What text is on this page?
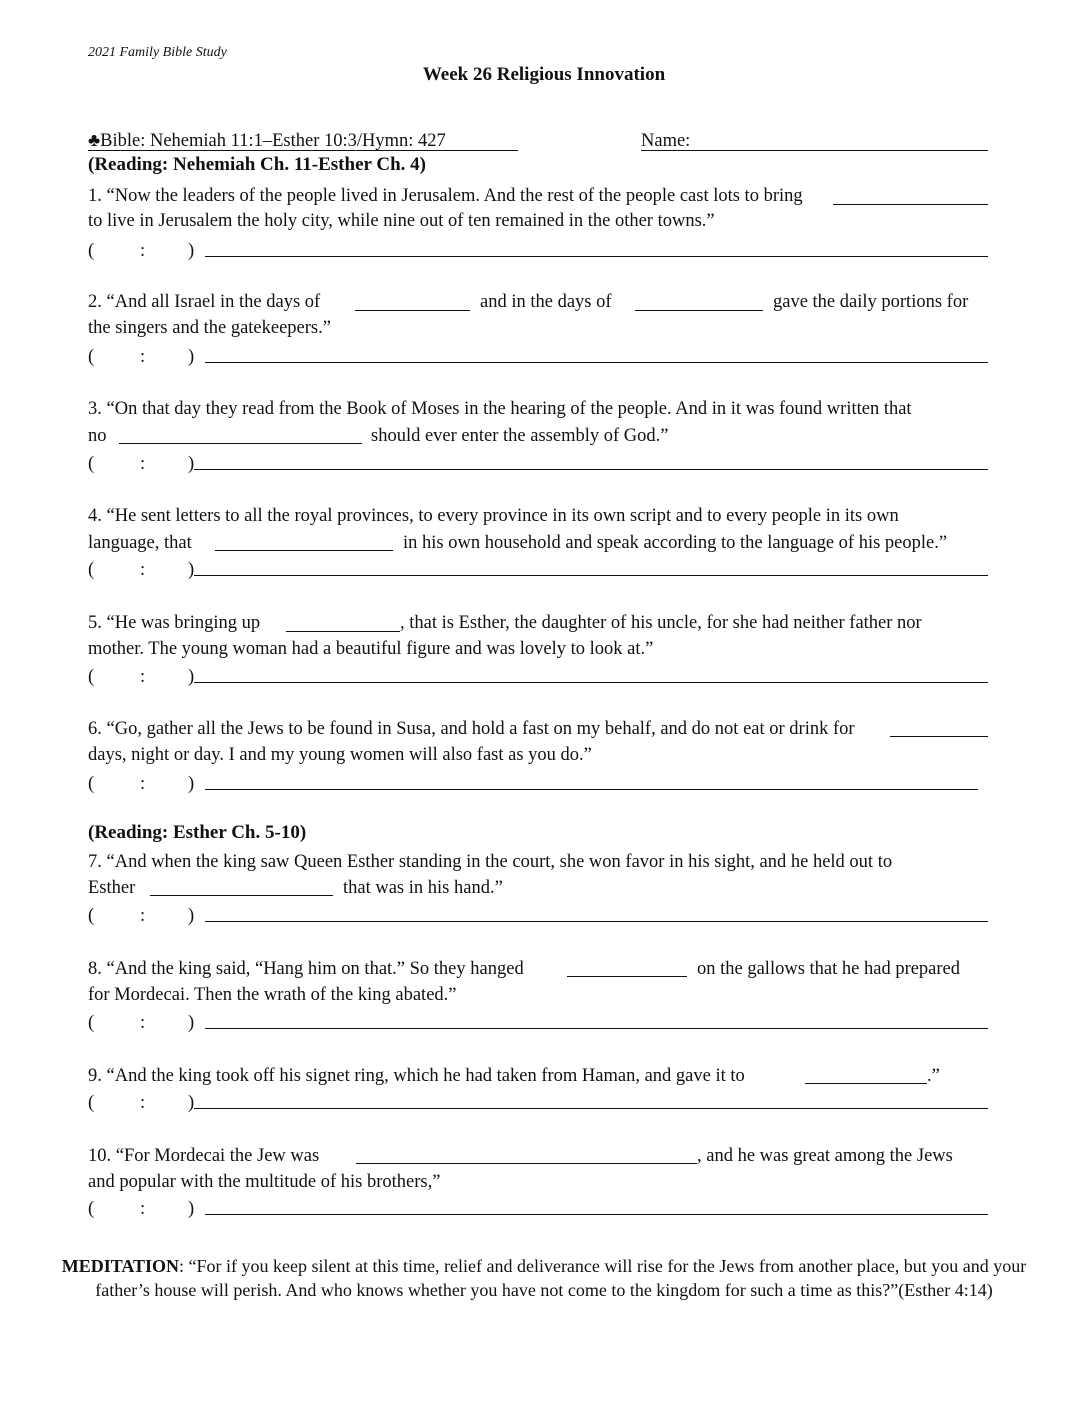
2021 Family Bible Study
Week 26 Religious Innovation
♣Bible: Nehemiah 11:1–Esther 10:3/Hymn: 427	Name:
(Reading: Nehemiah Ch. 11-Esther Ch. 4)
1. “Now the leaders of the people lived in Jerusalem. And the rest of the people cast lots to bring
to live in Jerusalem the holy city, while nine out of ten remained in the other towns.”
( : )
2. “And all Israel in the days of	and in the days of	gave the daily portions for
the singers and the gatekeepers.”
( : )
3. “On that day they read from the Book of Moses in the hearing of the people. And in it was found written that
no	should ever enter the assembly of God.”
( : )
4. “He sent letters to all the royal provinces, to every province in its own script and to every people in its own
language, that	in his own household and speak according to the language of his people.”
( : )
5. “He was bringing up	, that is Esther, the daughter of his uncle, for she had neither father nor
mother. The young woman had a beautiful figure and was lovely to look at.”
( : )
6. “Go, gather all the Jews to be found in Susa, and hold a fast on my behalf, and do not eat or drink for
days, night or day. I and my young women will also fast as you do.”
( : )
(Reading: Esther Ch. 5-10)
7. “And when the king saw Queen Esther standing in the court, she won favor in his sight, and he held out to
Esther	that was in his hand.”
( : )
8. “And the king said, “Hang him on that.” So they hanged	on the gallows that he had prepared
for Mordecai. Then the wrath of the king abated.”
( : )
9. “And the king took off his signet ring, which he had taken from Haman, and gave it to	.”
( : )
10. “For Mordecai the Jew was	, and he was great among the Jews
and popular with the multitude of his brothers,”
( : )
MEDITATION: “For if you keep silent at this time, relief and deliverance will rise for the Jews from another place, but you and your father’s house will perish. And who knows whether you have not come to the kingdom for such a time as this?”(Esther 4:14)
